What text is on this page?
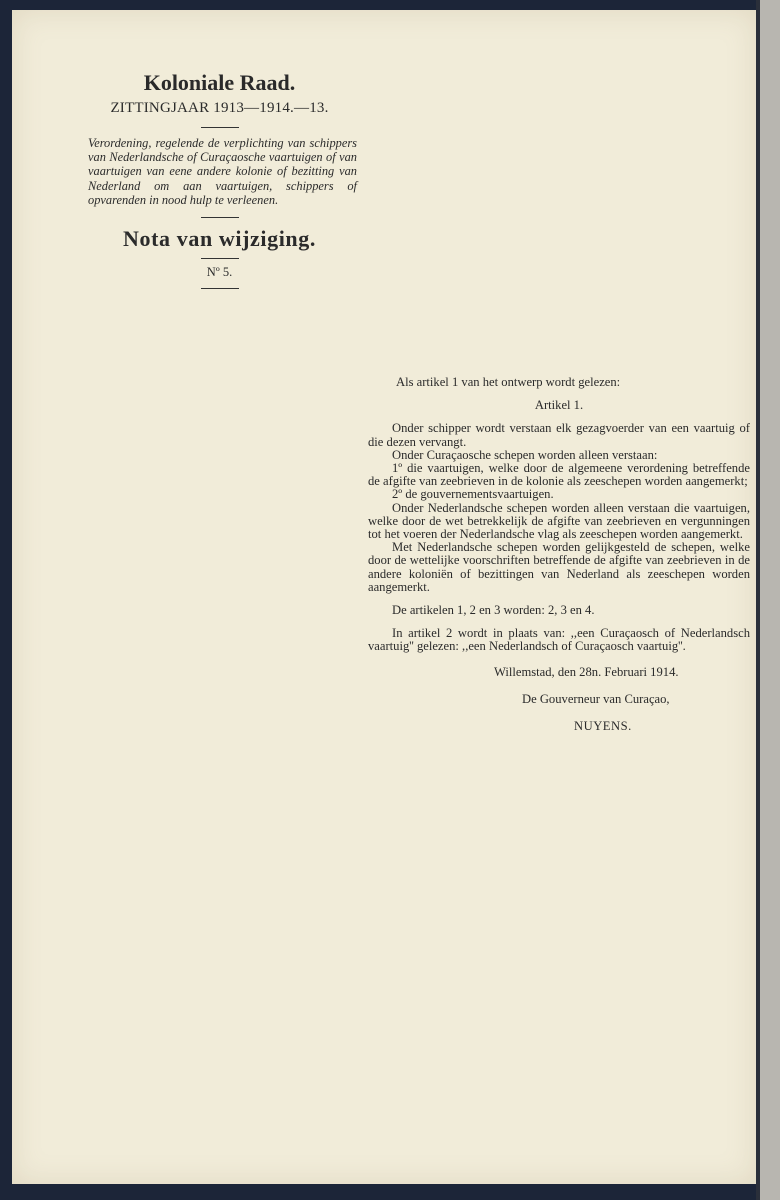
Koloniale Raad.
ZITTINGJAAR 1913—1914.—13.

Verordening, regelende de verplichting van schippers van Nederlandsche of Curaçaosche vaartuigen of van vaartuigen van eene andere kolonie of bezitting van Nederland om aan vaartuigen, schippers of opvarenden in nood hulp te verleenen.

Nota van wijziging.
Nº 5.

Als artikel 1 van het ontwerp wordt gelezen:

Artikel 1.

Onder schipper wordt verstaan elk gezagvoerder van een vaartuig of die dezen vervangt.

Onder Curaçaosche schepen worden alleen verstaan:

1º die vaartuigen, welke door de algemeene verordening betreffende de afgifte van zeebrieven in de kolonie als zeeschepen worden aangemerkt;

2º de gouvernementsvaartuigen.

Onder Nederlandsche schepen worden alleen verstaan die vaartuigen, welke door de wet betrekkelijk de afgifte van zeebrieven en vergunningen tot het voeren der Nederlandsche vlag als zeeschepen worden aangemerkt.

Met Nederlandsche schepen worden gelijkgesteld de schepen, welke door de wettelijke voorschriften betreffende de afgifte van zeebrieven in de andere koloniën of bezittingen van Nederland als zeeschepen worden aangemerkt.

De artikelen 1, 2 en 3 worden: 2, 3 en 4.

In artikel 2 wordt in plaats van: ,,een Curaçaosch of Nederlandsch vaartuig'' gelezen: ,,een Nederlandsch of Curaçaosch vaartuig''.

Willemstad, den 28n. Februari 1914.

De Gouverneur van Curaçao,

NUYENS.
